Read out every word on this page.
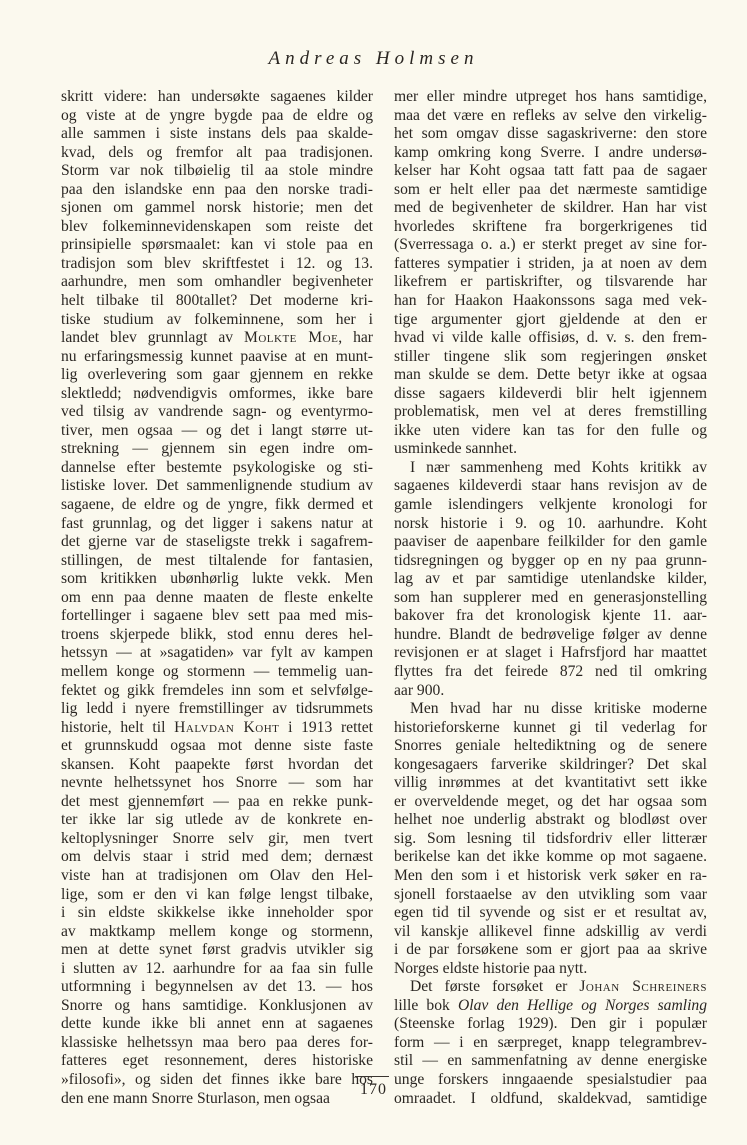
Andreas Holmsen
skritt videre: han undersøkte sagaenes kilder
og viste at de yngre bygde paa de eldre og
alle sammen i siste instans dels paa skalde-
kvad, dels og fremfor alt paa tradisjonen.
Storm var nok tilbøielig til aa stole mindre
paa den islandske enn paa den norske tradi-
sjonen om gammel norsk historie; men det
blev folkeminnevidenskapen som reiste det
prinsipielle spørsmaalet: kan vi stole paa en
tradisjon som blev skriftfestet i 12. og 13.
aarhundre, men som omhandler begivenheter
helt tilbake til 800tallet? Det moderne kri-
tiske studium av folkeminnene, som her i
landet blev grunnlagt av Molkte Moe, har
nu erfaringsmessig kunnet paavise at en munt-
lig overlevering som gaar gjennem en rekke
slektledd; nødvendigvis omformes, ikke bare
ved tilsig av vandrende sagn- og eventyrmo-
tiver, men ogsaa — og det i langt større ut-
strekning — gjennem sin egen indre om-
dannelse efter bestemte psykologiske og sti-
listiske lover. Det sammenlignende studium av
sagaene, de eldre og de yngre, fikk dermed et
fast grunnlag, og det ligger i sakens natur at
det gjerne var de staseligste trekk i sagafrem-
stillingen, de mest tiltalende for fantasien,
som kritikken ubønhørlig lukte vekk. Men
om enn paa denne maaten de fleste enkelte
fortellinger i sagaene blev sett paa med mis-
troens skjerpede blikk, stod ennu deres hel-
hetssyn — at »sagatiden» var fylt av kampen
mellem konge og stormenn — temmelig uan-
fektet og gikk fremdeles inn som et selvfølge-
lig ledd i nyere fremstillinger av tidsrummets
historie, helt til Halvdan Koht i 1913 rettet
et grunnskudd ogsaa mot denne siste faste
skansen. Koht paapekte først hvordan det
nevnte helhetssynet hos Snorre — som har
det mest gjennemført — paa en rekke punk-
ter ikke lar sig utlede av de konkrete en-
keltoplysninger Snorre selv gir, men tvert
om delvis staar i strid med dem; dernæst
viste han at tradisjonen om Olav den Hel-
lige, som er den vi kan følge lengst tilbake,
i sin eldste skikkelse ikke inneholder spor
av maktkamp mellem konge og stormenn,
men at dette synet først gradvis utvikler sig
i slutten av 12. aarhundre for aa faa sin fulle
utformning i begynnelsen av det 13. — hos
Snorre og hans samtidige. Konklusjonen av
dette kunde ikke bli annet enn at sagaenes
klassiske helhetssyn maa bero paa deres for-
fatteres eget resonnement, deres historiske
»filosofi», og siden det finnes ikke bare hos
den ene mann Snorre Sturlason, men ogsaa
mer eller mindre utpreget hos hans samtidige,
maa det være en refleks av selve den virkelig-
het som omgav disse sagaskriverne: den store
kamp omkring kong Sverre. I andre undersø-
kelser har Koht ogsaa tatt fatt paa de sagaer
som er helt eller paa det nærmeste samtidige
med de begivenheter de skildrer. Han har vist
hvorledes skriftene fra borgerkrigenes tid
(Sverressaga o. a.) er sterkt preget av sine for-
fatteres sympatier i striden, ja at noen av dem
likefrem er partiskrifter, og tilsvarende har
han for Haakon Haakonssons saga med vek-
tige argumenter gjort gjeldende at den er
hvad vi vilde kalle offisiøs, d. v. s. den frem-
stiller tingene slik som regjeringen ønsket
man skulde se dem. Dette betyr ikke at ogsaa
disse sagaers kildeverdi blir helt igjennem
problematisk, men vel at deres fremstilling
ikke uten videre kan tas for den fulle og
usminkede sannhet.
I nær sammenheng med Kohts kritikk av
sagaenes kildeverdi staar hans revisjon av de
gamle islendingers velkjente kronologi for
norsk historie i 9. og 10. aarhundre. Koht
paaviser de aapenbare feilkilder for den gamle
tidsregningen og bygger op en ny paa grunn-
lag av et par samtidige utenlandske kilder,
som han supplerer med en generasjonstelling
bakover fra det kronologisk kjente 11. aar-
hundre. Blandt de bedrøvelige følger av denne
revisjonen er at slaget i Hafrsfjord har maattet
flyttes fra det feirede 872 ned til omkring
aar 900.
Men hvad har nu disse kritiske moderne
historieforskerne kunnet gi til vederlag for
Snorres geniale heltediktning og de senere
kongesagaers farverike skildringer? Det skal
villig inrømmes at det kvantitativt sett ikke
er overveldende meget, og det har ogsaa som
helhet noe underlig abstrakt og blodløst over
sig. Som lesning til tidsfordriv eller litterær
berikelse kan det ikke komme op mot sagaene.
Men den som i et historisk verk søker en ra-
sjonell forstaaelse av den utvikling som vaar
egen tid til syvende og sist er et resultat av,
vil kanskje allikevel finne adskillig av verdi
i de par forsøkene som er gjort paa aa skrive
Norges eldste historie paa nytt.
Det første forsøket er Johan Schreiners
lille bok Olav den Hellige og Norges samling
(Steenske forlag 1929). Den gir i populær
form — i en særpreget, knapp telegrambrev-
stil — en sammenfatning av denne energiske
unge forskers inngaaende spesialstudier paa
omraadet. I oldfund, skaldekvad, samtidige
170
